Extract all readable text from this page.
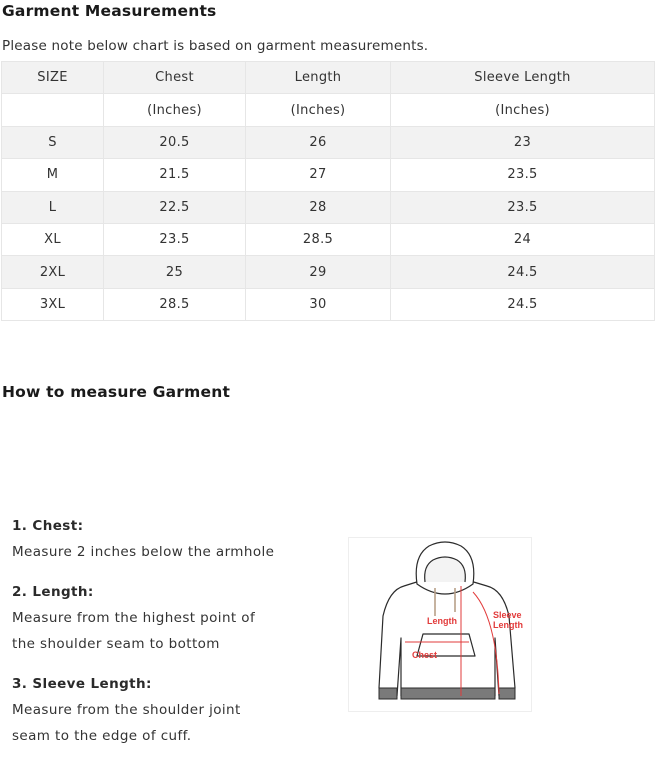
Garment Measurements

Please note below chart is based on garment measurements.

SIZE	Chest	Length	Sleeve Length
	(Inches)	(Inches)	(Inches)
S	20.5	26	23
M	21.5	27	23.5
L	22.5	28	23.5
XL	23.5	28.5	24
2XL	25	29	24.5
3XL	28.5	30	24.5
How to measure Garment
1. Chest:
Measure 2 inches below the armhole
2. Length:
Measure from the highest point of
the shoulder seam to bottom
3. Sleeve Length:
Measure from the shoulder joint
seam to the edge of cuff.
Length
Chest
Sleeve
Length
